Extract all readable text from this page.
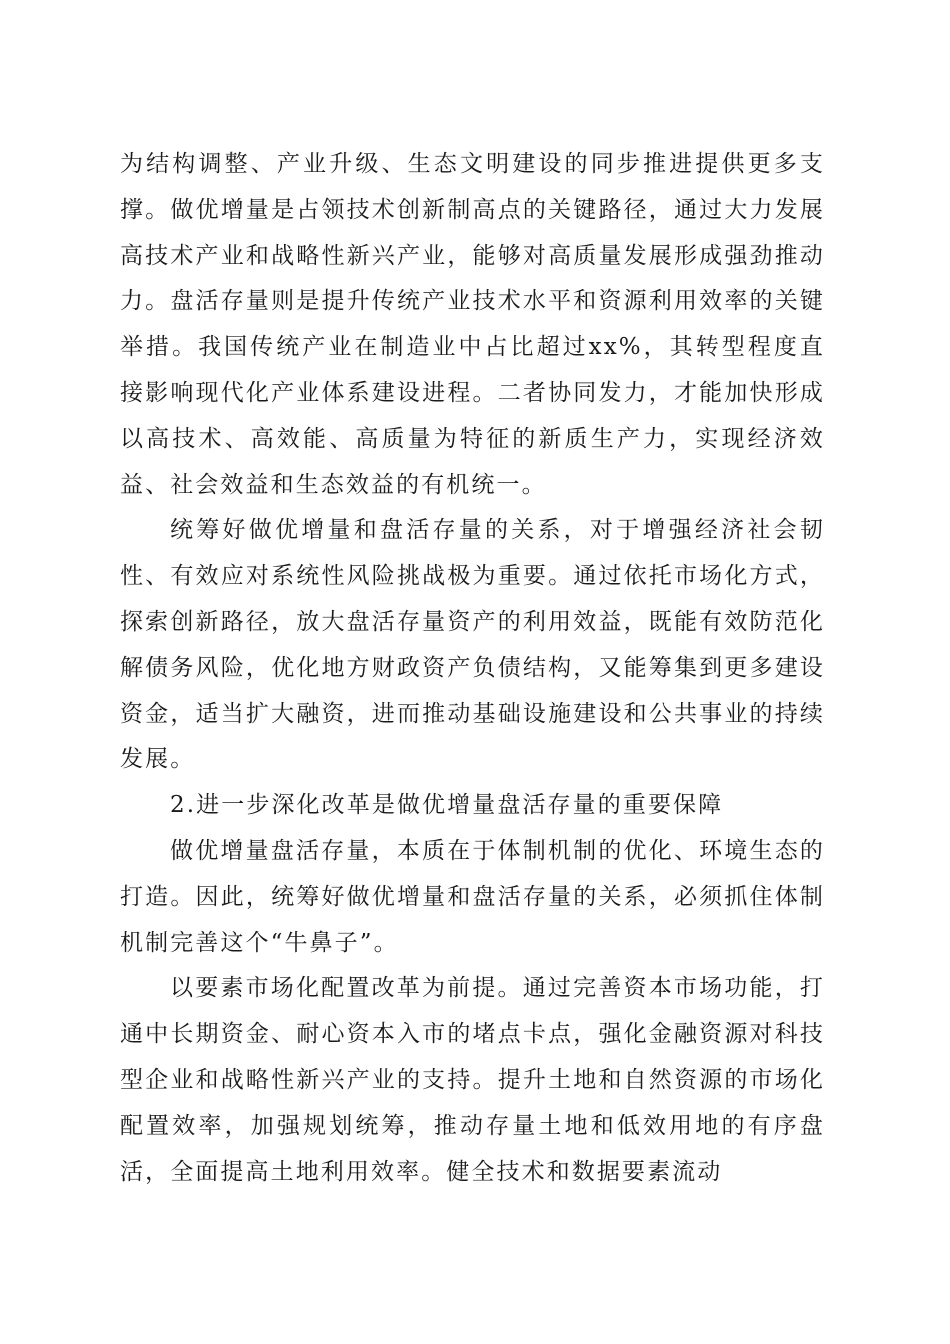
为结构调整、产业升级、生态文明建设的同步推进提供更多支撑。做优增量是占领技术创新制高点的关键路径，通过大力发展高技术产业和战略性新兴产业，能够对高质量发展形成强劲推动力。盘活存量则是提升传统产业技术水平和资源利用效率的关键举措。我国传统产业在制造业中占比超过xx%，其转型程度直接影响现代化产业体系建设进程。二者协同发力，才能加快形成以高技术、高效能、高质量为特征的新质生产力，实现经济效益、社会效益和生态效益的有机统一。

统筹好做优增量和盘活存量的关系，对于增强经济社会韧性、有效应对系统性风险挑战极为重要。通过依托市场化方式，探索创新路径，放大盘活存量资产的利用效益，既能有效防范化解债务风险，优化地方财政资产负债结构，又能筹集到更多建设资金，适当扩大融资，进而推动基础设施建设和公共事业的持续发展。

2.进一步深化改革是做优增量盘活存量的重要保障

做优增量盘活存量，本质在于体制机制的优化、环境生态的打造。因此，统筹好做优增量和盘活存量的关系，必须抓住体制机制完善这个“牛鼻子”。

以要素市场化配置改革为前提。通过完善资本市场功能，打通中长期资金、耐心资本入市的堵点卡点，强化金融资源对科技型企业和战略性新兴产业的支持。提升土地和自然资源的市场化配置效率，加强规划统筹，推动存量土地和低效用地的有序盘活，全面提高土地利用效率。健全技术和数据要素流动
